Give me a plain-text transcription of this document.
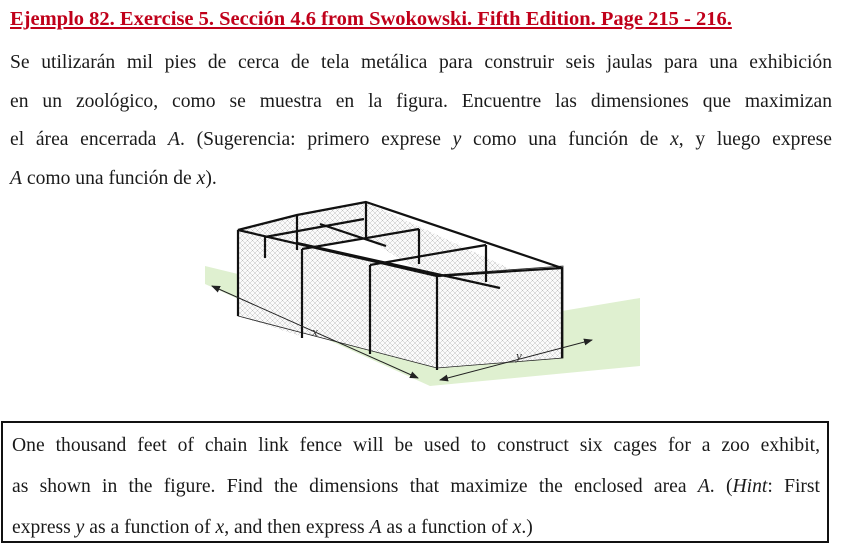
Ejemplo 82. Exercise 5. Sección 4.6 from Swokowski. Fifth Edition. Page 215 - 216.
Se utilizarán mil pies de cerca de tela metálica para construir seis jaulas para una exhibición
en un zoológico, como se muestra en la figura. Encuentre las dimensiones que maximizan
el área encerrada A. (Sugerencia: primero exprese y como una función de x, y luego exprese
A como una función de x).
x
y
One thousand feet of chain link fence will be used to construct six cages for a zoo exhibit,
as shown in the figure. Find the dimensions that maximize the enclosed area A. (Hint: First
express y as a function of x, and then express A as a function of x.)
